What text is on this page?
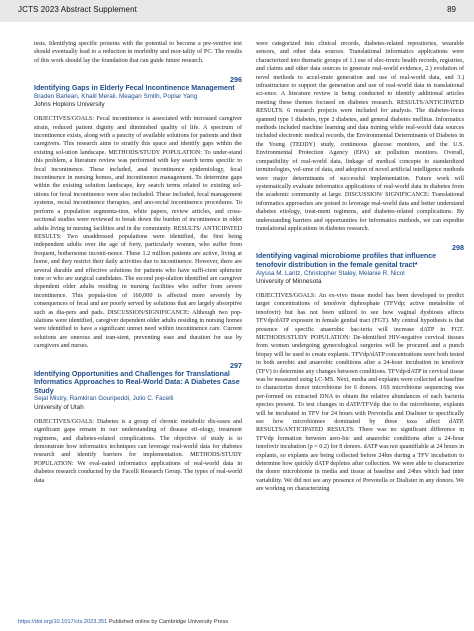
JCTS 2023 Abstract Supplement	89

tests. Identifying specific proteins with the potential to become a pre-ventive test should eventually lead to a reduction in morbidity and mor-tality of PC. The results of this work should lay the foundation that can guide future research.

296

Identifying Gaps in Elderly Fecal Incontinence Management

Braden Barlean, Khalil Merali, Meagan Smith, Poplar Yang

Johns Hopkins University

OBJECTIVES/GOALS: Fecal incontinence is associated with increased caregiver strain, reduced patient dignity and diminished quality of life. A spectrum of incontinence exists, along with a paucity of available solutions for patients and their caregivers. This research aims to stratify this space and identify gaps within the existing sol-ution landscape. METHODS/STUDY POPULATION: To under-stand this problem, a literature review was performed with key search terms specific to fecal incontinence. These included, anal incontinence epidemiology, fecal incontinence in nursing homes, and incontinence management. To determine gaps within the existing solution landscape, key search terms related to existing sol-utions for fecal incontinence were also included. These included, fecal management systems, rectal incontinence therapies, and ano-rectal incontinence procedures. To perform a population segmenta-tion, white papers, review articles, and cross-sectional studies were reviewed to break down the burden of incontinence in older adults living in nursing facilities and in the community. RESULTS/ ANTICIPATED RESULTS: Two unaddressed populations were identified, the first being independent adults over the age of forty, particularly women, who suffer from frequent, bothersome inconti-nence. These 1.2 million patients are active, living at home, and they restrict their daily activities due to incontinence. However, there are several durable and effective solutions for patients who have suffi-cient sphincter tone or who are surgical candidates. The second pop-ulation identified are caregiver dependent older adults residing in nursing facilities who suffer from severe incontinence. This popula-tion of 160,000 is affected more severely by consequences of fecal and are poorly served by solutions that are largely absorptive such as dia-pers and pads. DISCUSSION/SIGNIFICANCE: Although two pop-ulations were identified, caregiver dependent older adults residing in nursing homes were identified to have a significant unmet need within incontinence care. Current solutions are onerous and tran-sient, preventing ease and duration for use by caregivers and nurses.

297

Identifying Opportunities and Challenges for Translational Informatics Approaches to Real-World Data: A Diabetes Case Study

Sejal Mistry, Ramkiran Gouripeddi, Julio C. Facelli

University of Utah

OBJECTIVES/GOALS: Diabetes is a group of chronic metabolic dis-eases and significant gaps remain in our understanding of disease eti-ology, treatment regimens, and diabetes-related complications. The objective of study is to demonstrate how informatics techniques can leverage real-world data for diabetes research and identify barriers for implementation. METHODS/STUDY POPULATION: We eval-uated informatics applications of real-world data in diabetes research conducted by the Facelli Research Group. The types of real-world data

were categorized into clinical records, diabetes-related repositories, wearable sensors, and other data sources. Translational informatics applications were characterized into thematic groups of 1.) use of elec-tronic health records, registries, and claims and other data sources to generate real-world evidence, 2.) evolution of novel methods to accel-erate generation and use of real-world data, and 3.) infrastructure to support the generation and use of real-world data in translational sci-ence. A literature review is being conducted to identify additional articles meeting these themes focused on diabetes research. RESULTS/ANTICIPATED RESULTS: 6 research projects were included for analysis. The diabetes-focus spanned type 1 diabetes, type 2 diabetes, and general diabetes mellitus. Informatics methods included machine learning and data mining while real-world data sources included electronic medical records, the Environmental Determinants of Diabetes in the Young (TEDDY) study, continuous glucose monitors, and the U.S. Environmental Protection Agency (EPA) air pollution monitors. Overall, compatibility of real-world data, linkage of medical concepts to standardized terminologies, vol-ume of data, and adoption of novel artificial intelligence methods were major determinants of successful implementation. Future work will systematically evaluate informatics applications of real-world data in diabetes from the academic community at large. DISCUSSION/ SIGNIFICANCE: Translational informatics approaches are poised to leverage real-world data and better understand diabetes etiology, treat-ment regimens, and diabetes-related complications. By understanding barriers and opportunities for informatics methods, we can expedite translational applications in diabetes research.

298

Identifying vaginal microbiome profiles that influence tenofovir distribution in the female genital tract*

Alyssa M. Lantz, Christopher Staley, Melanie R. Nicol

University of Minnesota

OBJECTIVES/GOALS: An ex-vivo tissue model has been developed to predict target concentrations of tenofovir diphosphate (TFVdp; active metabolite of tenofovir) but has not been utilized to see how vaginal dysbiosis affects TFVdp/dATP exposure in female genital tract (FGT). My central hypothesis is that presence of specific anaerobic bac-teria will increase dATP in FGT. METHODS/STUDY POPULATION: De-identified HIV-negative cervical tissues from women undergoing gynecological surgeries will be procured and a punch biopsy will be used to create explants. TFVdp/dATP concentrations were both tested in both aerobic and anaerobic conditions after a 24-hour incubation in tenofovir (TFV) to determine any changes between conditions. TFVdp/dATP in cervical tissue was be measured using LC-MS. Next, media and explants were collected at baseline to characterize donor microbiome for 6 donors. 16S microbiome sequencing was per-formed on extracted DNA to obtain the relative abundances of each bacteria species present. To test changes in dATP/TFVdp due to the microbiome, explants will be incubated in TFV for 24 hours with Prevotella and Dialister to specifically see how microbiomes dominated by these taxa affect dATP. RESULTS/ANTICIPATED RESULTS: There was no significant difference in TFVdp formation between aero-bic and anaerobic conditions after a 24-hour tenofovir incubation (p = 0.2) for 8 donors. dATP was not quantifiable at 24 hours in explants, so explants are being collected before 24hrs during a TFV incubation to determine how quickly dATP depletes after collection. We were able to characterize the donor microbiome in media and tissue at baseline and 24hrs which had inter variability. We did not see any presence of Prevotella or Dialister in any donors. We are working on characterizing

https://doi.org/10.1017/cts.2023.351 Published online by Cambridge University Press
